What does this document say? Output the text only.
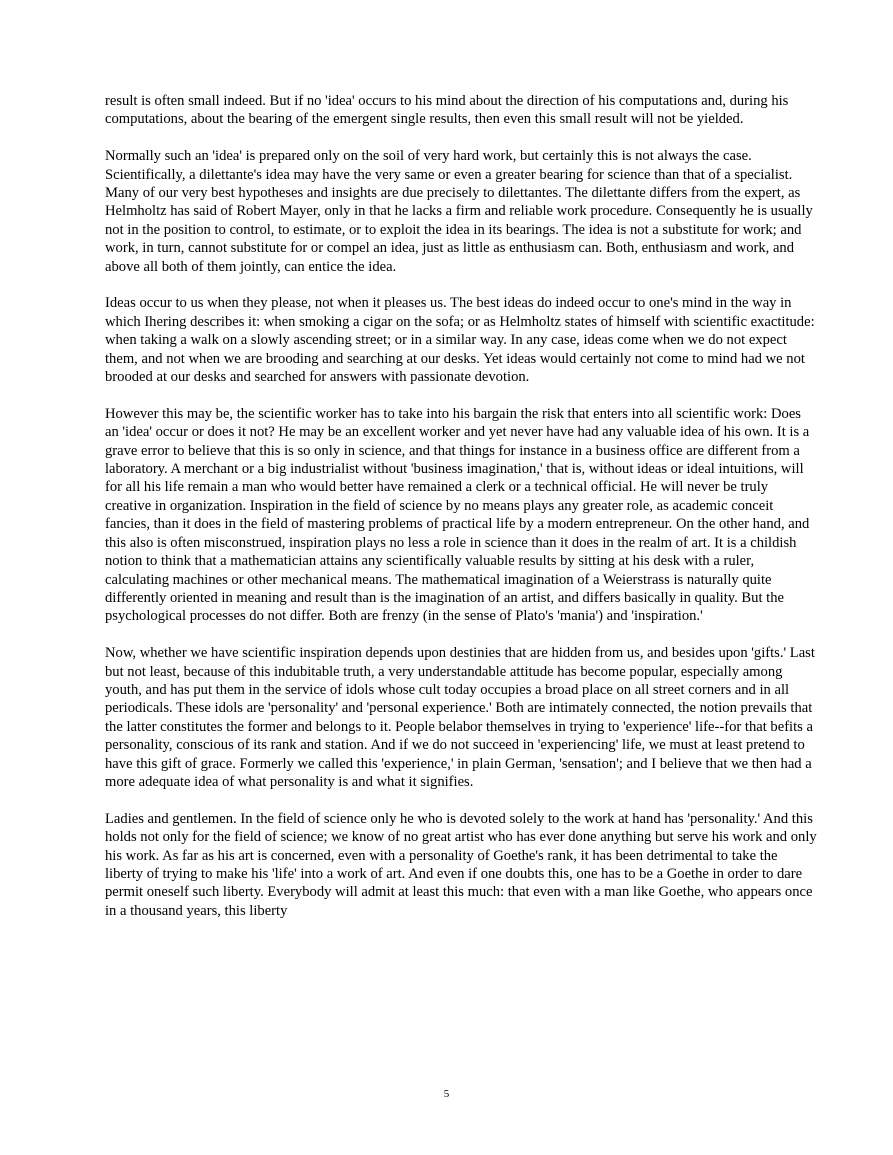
result is often small indeed. But if no 'idea' occurs to his mind about the direction of his computations and, during his computations, about the bearing of the emergent single results, then even this small result will not be yielded.

Normally such an 'idea' is prepared only on the soil of very hard work, but certainly this is not always the case. Scientifically, a dilettante's idea may have the very same or even a greater bearing for science than that of a specialist. Many of our very best hypotheses and insights are due precisely to dilettantes. The dilettante differs from the expert, as Helmholtz has said of Robert Mayer, only in that he lacks a firm and reliable work procedure. Consequently he is usually not in the position to control, to estimate, or to exploit the idea in its bearings. The idea is not a substitute for work; and work, in turn, cannot substitute for or compel an idea, just as little as enthusiasm can. Both, enthusiasm and work, and above all both of them jointly, can entice the idea.

Ideas occur to us when they please, not when it pleases us. The best ideas do indeed occur to one's mind in the way in which Ihering describes it: when smoking a cigar on the sofa; or as Helmholtz states of himself with scientific exactitude: when taking a walk on a slowly ascending street; or in a similar way. In any case, ideas come when we do not expect them, and not when we are brooding and searching at our desks. Yet ideas would certainly not come to mind had we not brooded at our desks and searched for answers with passionate devotion.

However this may be, the scientific worker has to take into his bargain the risk that enters into all scientific work: Does an 'idea' occur or does it not? He may be an excellent worker and yet never have had any valuable idea of his own. It is a grave error to believe that this is so only in science, and that things for instance in a business office are different from a laboratory. A merchant or a big industrialist without 'business imagination,' that is, without ideas or ideal intuitions, will for all his life remain a man who would better have remained a clerk or a technical official. He will never be truly creative in organization. Inspiration in the field of science by no means plays any greater role, as academic conceit fancies, than it does in the field of mastering problems of practical life by a modern entrepreneur. On the other hand, and this also is often misconstrued, inspiration plays no less a role in science than it does in the realm of art. It is a childish notion to think that a mathematician attains any scientifically valuable results by sitting at his desk with a ruler, calculating machines or other mechanical means. The mathematical imagination of a Weierstrass is naturally quite differently oriented in meaning and result than is the imagination of an artist, and differs basically in quality. But the psychological processes do not differ. Both are frenzy (in the sense of Plato's 'mania') and 'inspiration.'

Now, whether we have scientific inspiration depends upon destinies that are hidden from us, and besides upon 'gifts.' Last but not least, because of this indubitable truth, a very understandable attitude has become popular, especially among youth, and has put them in the service of idols whose cult today occupies a broad place on all street corners and in all periodicals. These idols are 'personality' and 'personal experience.' Both are intimately connected, the notion prevails that the latter constitutes the former and belongs to it. People belabor themselves in trying to 'experience' life--for that befits a personality, conscious of its rank and station. And if we do not succeed in 'experiencing' life, we must at least pretend to have this gift of grace. Formerly we called this 'experience,' in plain German, 'sensation'; and I believe that we then had a more adequate idea of what personality is and what it signifies.

Ladies and gentlemen. In the field of science only he who is devoted solely to the work at hand has 'personality.' And this holds not only for the field of science; we know of no great artist who has ever done anything but serve his work and only his work. As far as his art is concerned, even with a personality of Goethe's rank, it has been detrimental to take the liberty of trying to make his 'life' into a work of art. And even if one doubts this, one has to be a Goethe in order to dare permit oneself such liberty. Everybody will admit at least this much: that even with a man like Goethe, who appears once in a thousand years, this liberty

5
